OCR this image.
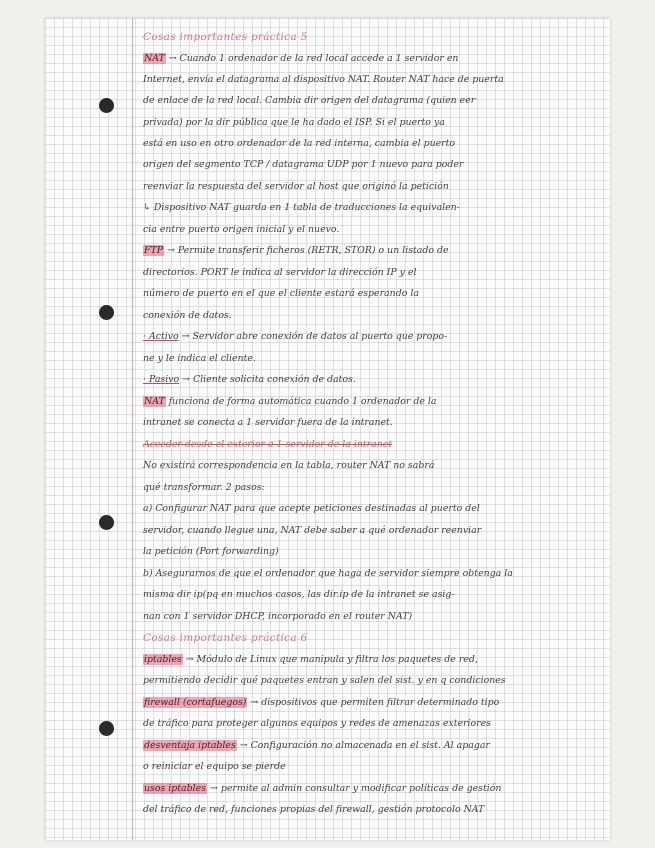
Cosas importantes práctica 5
NAT → Cuando 1 ordenador de la red local accede a 1 servidor en
Internet, envía el datagrama al dispositivo NAT. Router NAT hace de puerta
de enlace de la red local. Cambia dir origen del datagrama (quien eer
privada) por la dir pública que le ha dado el ISP. Si el puerto ya
está en uso en otro ordenador de la red interna, cambia el puerto
origen del segmento TCP / datagrama UDP por 1 nuevo para poder
reenviar la respuesta del servidor al host que originó la petición
↳ Dispositivo NAT guarda en 1 tabla de traducciones la equivalen-
cia entre puerto origen inicial y el nuevo.
FTP → Permite transferir ficheros (RETR, STOR) o un listado de
directorios. PORT le indica al servidor la dirección IP y el
número de puerto en el que el cliente estará esperando la
conexión de datos.
· Activo → Servidor abre conexión de datos al puerto que propo-
ne y le indica el cliente.
· Pasivo → Cliente solicita conexión de datos.
NAT funciona de forma automática cuando 1 ordenador de la
intranet se conecta a 1 servidor fuera de la intranet.
Acceder desde el exterior a 1 servidor de la intranet
No existirá correspondencia en la tabla, router NAT no sabrá
qué transformar. 2 pasos:
a) Configurar NAT para que acepte peticiones destinadas al puerto del
servidor, cuando llegue una, NAT debe saber a qué ordenador reenviar
la petición (Port forwarding)
b) Asegurarnos de que el ordenador que haga de servidor siempre obtenga la
misma dir ip(pq en muchos casos, las dir.ip de la intranet se asig-
nan con 1 servidor DHCP, incorporado en el router NAT)
Cosas importantes práctica 6
iptables → Módulo de Linux que manipula y filtra los paquetes de red,
permitiendo decidir qué paquetes entran y salen del sist. y en q condiciones
firewall (cortafuegos) → dispositivos que permiten filtrar determinado tipo
de tráfico para proteger algunos equipos y redes de amenazas exteriores
desventaja iptables → Configuración no almacenada en el sist. Al apagar
o reiniciar el equipo se pierde
usos iptables → permite al admin consultar y modificar políticas de gestión
del tráfico de red, funciones propias del firewall, gestión protocolo NAT
